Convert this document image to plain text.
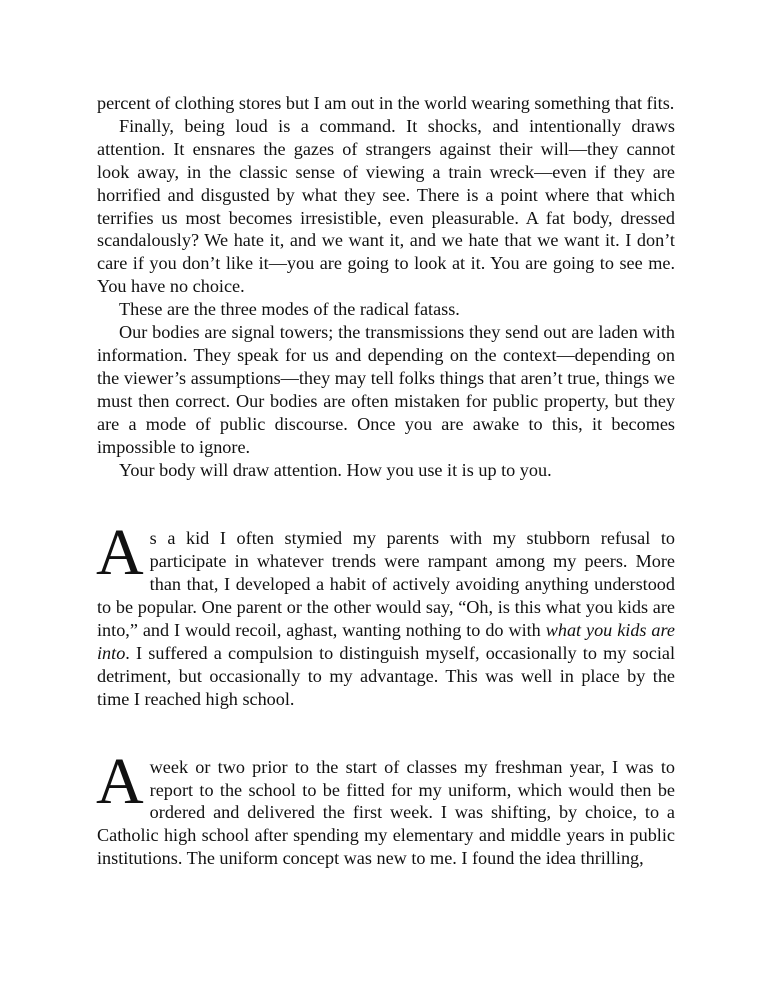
percent of clothing stores but I am out in the world wearing something that fits.

Finally, being loud is a command. It shocks, and intentionally draws attention. It ensnares the gazes of strangers against their will—they cannot look away, in the classic sense of viewing a train wreck—even if they are horrified and disgusted by what they see. There is a point where that which terrifies us most becomes irresistible, even pleasurable. A fat body, dressed scandalously? We hate it, and we want it, and we hate that we want it. I don’t care if you don’t like it—you are going to look at it. You are going to see me. You have no choice.

These are the three modes of the radical fatass.

Our bodies are signal towers; the transmissions they send out are laden with information. They speak for us and depending on the context—depending on the viewer’s assumptions—they may tell folks things that aren’t true, things we must then correct. Our bodies are often mistaken for public property, but they are a mode of public discourse. Once you are awake to this, it becomes impossible to ignore.

Your body will draw attention. How you use it is up to you.

As a kid I often stymied my parents with my stubborn refusal to participate in whatever trends were rampant among my peers. More than that, I developed a habit of actively avoiding anything understood to be popular. One parent or the other would say, “Oh, is this what you kids are into,” and I would recoil, aghast, wanting nothing to do with what you kids are into. I suffered a compulsion to distinguish myself, occasionally to my social detriment, but occasionally to my advantage. This was well in place by the time I reached high school.

A week or two prior to the start of classes my freshman year, I was to report to the school to be fitted for my uniform, which would then be ordered and delivered the first week. I was shifting, by choice, to a Catholic high school after spending my elementary and middle years in public institutions. The uniform concept was new to me. I found the idea thrilling,
